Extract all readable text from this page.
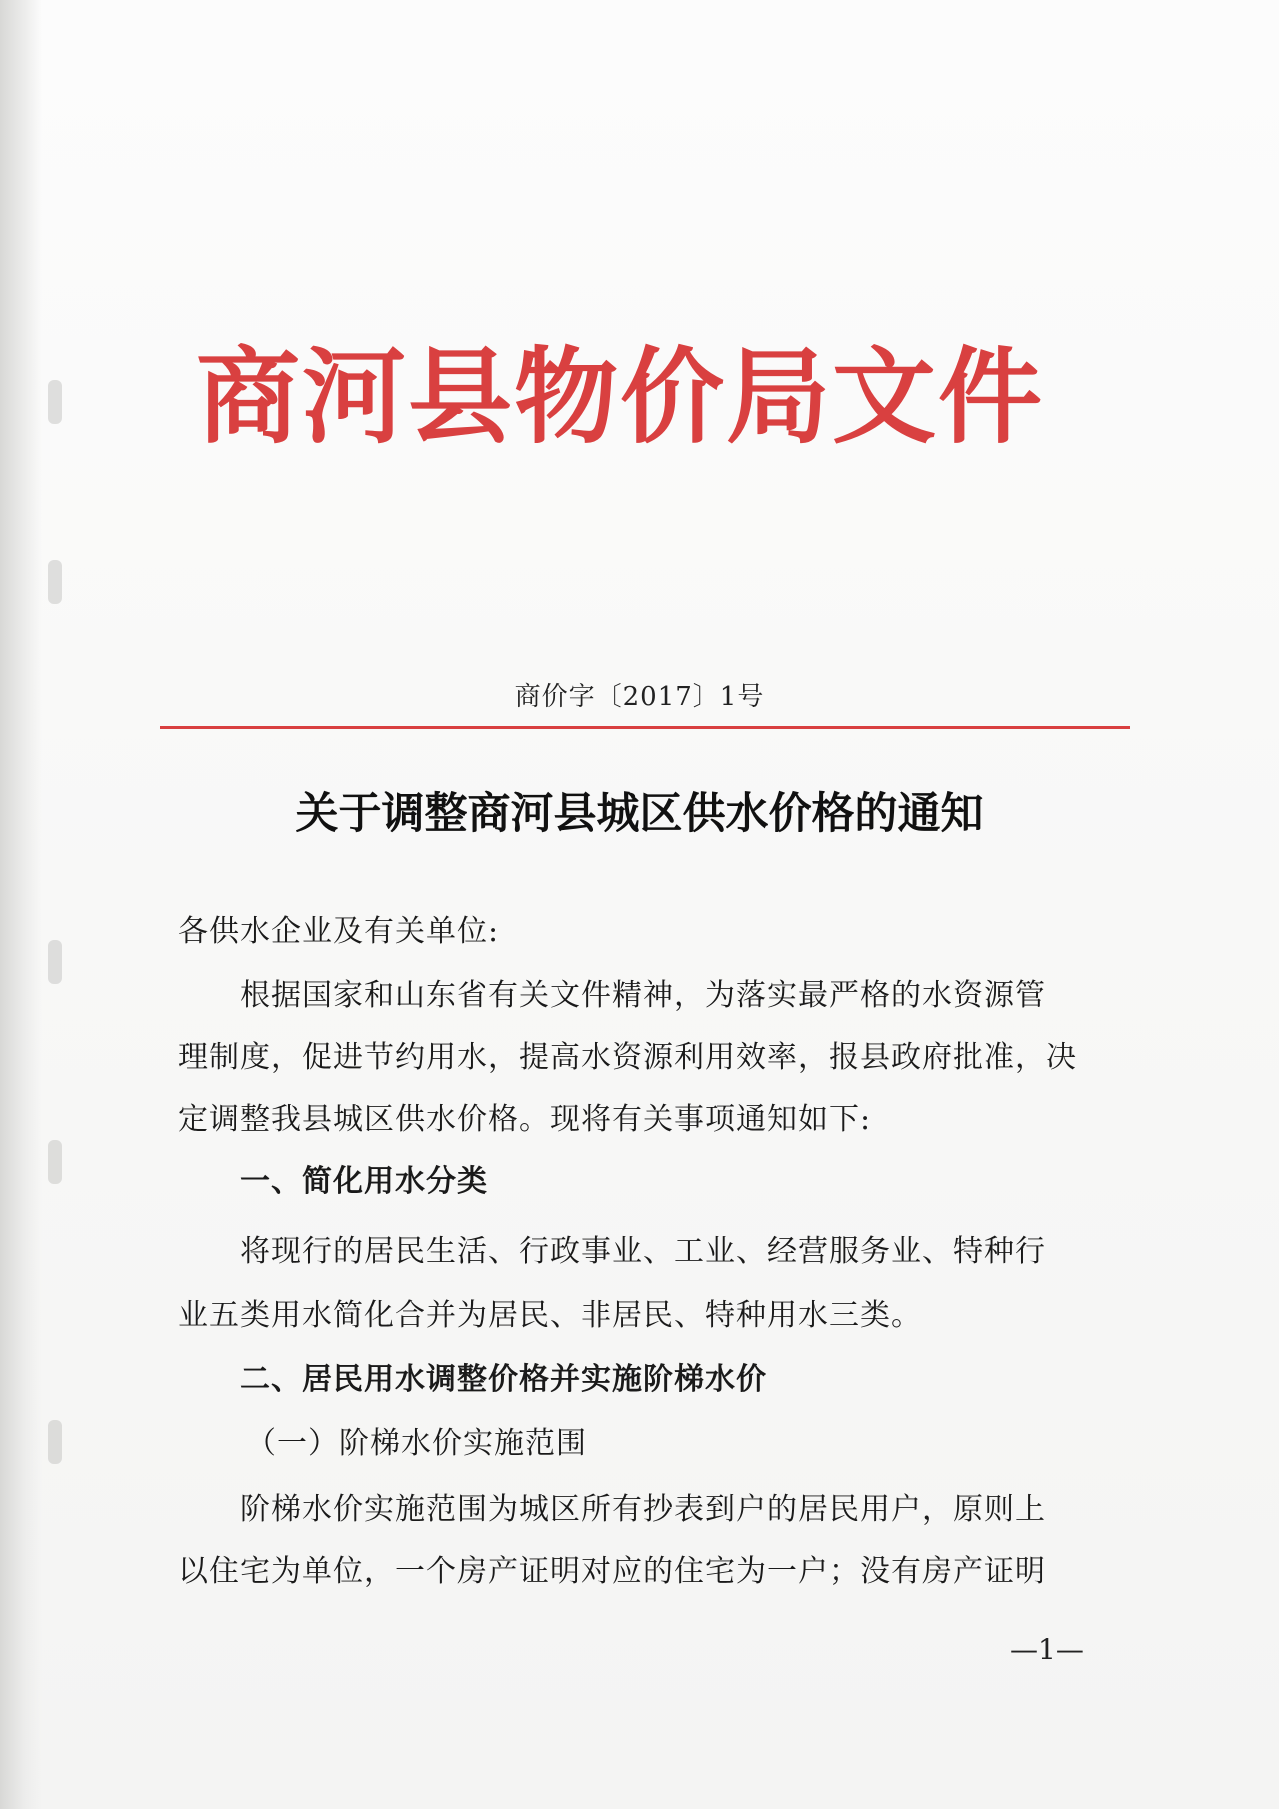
商河县物价局文件
商价字〔2017〕1号
关于调整商河县城区供水价格的通知

各供水企业及有关单位:

根据国家和山东省有关文件精神，为落实最严格的水资源管

理制度，促进节约用水，提高水资源利用效率，报县政府批准，决

定调整我县城区供水价格。现将有关事项通知如下:

一、简化用水分类

将现行的居民生活、行政事业、工业、经营服务业、特种行

业五类用水简化合并为居民、非居民、特种用水三类。

二、居民用水调整价格并实施阶梯水价

（一）阶梯水价实施范围

阶梯水价实施范围为城区所有抄表到户的居民用户，原则上

以住宅为单位，一个房产证明对应的住宅为一户；没有房产证明

—1—
